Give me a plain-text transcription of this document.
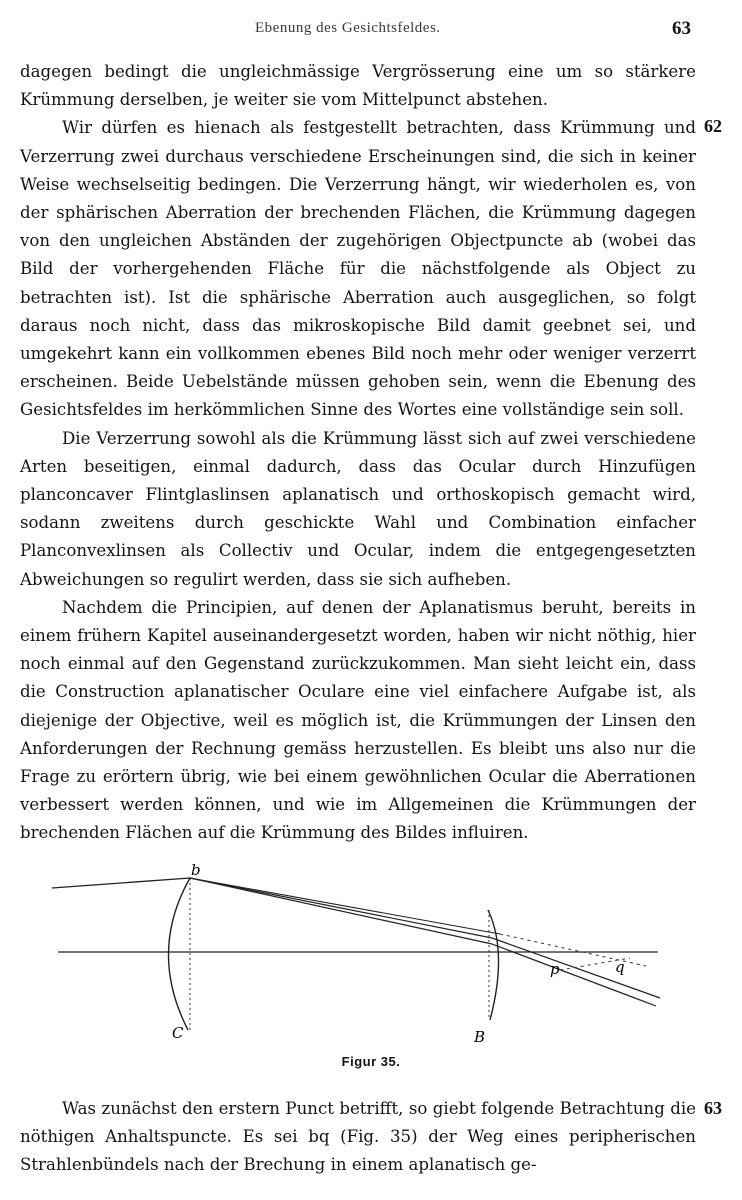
Ebenung des Gesichtsfeldes.	63

dagegen bedingt die ungleichmässige Vergrösserung eine um so stärkere Krümmung derselben, je weiter sie vom Mittelpunct abstehen.

Wir dürfen es hienach als festgestellt betrachten, dass Krümmung und Verzerrung zwei durchaus verschiedene Erscheinungen sind, die sich in keiner Weise wechselseitig bedingen. Die Verzerrung hängt, wir wiederholen es, von der sphärischen Aberration der brechenden Flächen, die Krümmung dagegen von den ungleichen Abständen der zugehörigen Objectpuncte ab (wobei das Bild der vorhergehenden Fläche für die nächstfolgende als Object zu betrachten ist). Ist die sphärische Aberration auch ausgeglichen, so folgt daraus noch nicht, dass das mikroskopische Bild damit geebnet sei, und umgekehrt kann ein vollkommen ebenes Bild noch mehr oder weniger verzerrt erscheinen. Beide Uebelstände müssen gehoben sein, wenn die Ebenung des Gesichtsfeldes im herkömmlichen Sinne des Wortes eine vollständige sein soll.

Die Verzerrung sowohl als die Krümmung lässt sich auf zwei verschiedene Arten beseitigen, einmal dadurch, dass das Ocular durch Hinzufügen planconcaver Flintglaslinsen aplanatisch und orthoskopisch gemacht wird, sodann zweitens durch geschickte Wahl und Combination einfacher Planconvexlinsen als Collectiv und Ocular, indem die entgegengesetzten Abweichungen so regulirt werden, dass sie sich aufheben.

Nachdem die Principien, auf denen der Aplanatismus beruht, bereits in einem frühern Kapitel auseinandergesetzt worden, haben wir nicht nöthig, hier noch einmal auf den Gegenstand zurückzukommen. Man sieht leicht ein, dass die Construction aplanatischer Oculare eine viel einfachere Aufgabe ist, als diejenige der Objective, weil es möglich ist, die Krümmungen der Linsen den Anforderungen der Rechnung gemäss herzustellen. Es bleibt uns also nur die Frage zu erörtern übrig, wie bei einem gewöhnlichen Ocular die Aberrationen verbessert werden können, und wie im Allgemeinen die Krümmungen der brechenden Flächen auf die Krümmung des Bildes influiren.

62
b
C	B
p	q
Figur 35.

Was zunächst den erstern Punct betrifft, so giebt folgende Betrachtung die nöthigen Anhaltspuncte. Es sei bq (Fig. 35) der Weg eines peripherischen Strahlenbündels nach der Brechung in einem aplanatisch ge-

63
